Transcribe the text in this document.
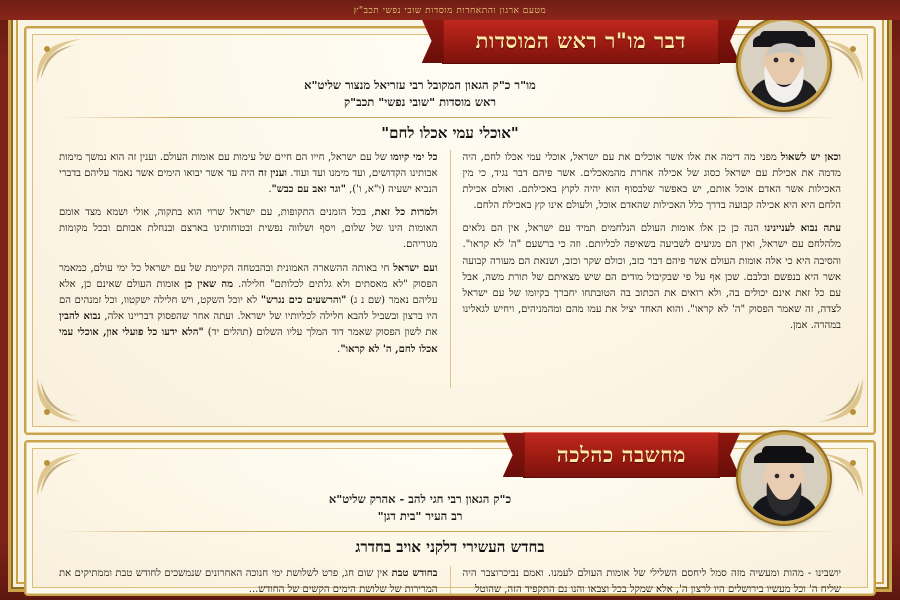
מטעם ארגון והתאחדות מוסדות שובי נפשי תכב"ץ
מו"ר כ"ק הגאון המקובל רבי עזריאל מנצור שליט"א
ראש מוסדות "שובי נפשי" תכב"ק
"אוכלי עמי אכלו לחם"

וכאן יש לשאול מפני מה דימה את אלו אשר אוכלים את עם ישראל, אוכלי עמי אכלו לחם, היה מדמה את אכילת עם ישראל כסוג של אכילה אחרת מהמאכלים. אשר פיהם דבר נגיד, כי מין האכילות אשר האדם אוכל אותם, יש באפשר שלבסוף הוא יהיה לקוץ באכילתם. ואולם אכילת הלחם היא היא אכילה קבועה בדרך כלל האכילות שהאדם אוכל, ולעולם אינו קץ באכילת הלחם.

עתה נבוא לעניינינו הנה כן כן אלו אומות העולם הנלחמים תמיד עם ישראל, אין הם נלאים מלהלחם עם ישראל, ואין הם מגיעים לשביעה בשאיפה לכליותם. וזה כי ברשעם "ה' לא קראו". והסיבה היא כי אלה אומות העולם אשר פיהם דבר כזב, וכולם שקר וכזב, ושנאת הם מעורה קבועה אשר היא בנפשם ובלבם. שכן אף על פי שבקיבול מודים הם שיש מצאיתם של תורת משה, אבל עם כל זאת אינם יכולים בה, ולא רואים את הכתוב בה הטובתחו יחברך בקיומו של עם ישראל לצדה, זה שאמר הפסוק "ה' לא קראו". והוא האחד יציל את עמו מהם ומהמניהים, ויחיש לגאלינו במהרה. אמן.

כל ימי קיומו של עם ישראל, חייו הם חיים של עימות עם אומות העולם. וענין זה הוא נמשך מימות אבותינו הקדושים, ועד מימנו ועד ועוד. וענין זה היה עד אשר יבואו הימים אשר נאמר עליהם בדברי הנביא ישעיה (י"א, ו'), "וגר זאב עם כבש".

ולמרות כל זאת, בכל הזמנים התקופות, עם ישראל שרוי הוא בתקוה, אולי ושמא מצד אומם האומות הינו של שלום, ויסף ושלווה נפשית ובטוחותינו בארצם ובנחלת אבותם ובכל מקומות מגוריהם.

ועם ישראל חי באותה ההשארה האמונית ובהבטחה הקיימת של עם ישראל כל ימי עולם, כמאמר הפסוק "לא מאסתים ולא גלתים לכלותם" חלילה. מה שאין כן אומות העולם שאינם כן, אלא עליהם נאמר (שם נ ג) "והרשעים כים נגרש" לא יוכל השקט, ויש חלילה ישקטוו, וכל זמנהים הם היו ברצון ובשביל להבא חלילה לכליותיו של ישראל. ועתה אחר שהפסוק דבריינו אלה, נבוא להבין את לשון הפסוק שאמר דוד המלך עליו השלום (תהלים יד) "הלא ידעו כל פועלי און, אוכלי עמי אכלו לחם, ה' לא קראו".

דבר מו"ר ראש המוסדות
כ"ק הגאון רבי חגי להב - אהרק שליט"א
רב העיר "בית דגן"
בחדש העשירי דלקני אויב בחדרג

יושבינו - מהות ומעשיה מזה סמל ליחסם השלילי של אומות העולם לעמנו. ואמם נביכרוצבר היה שליח ה' וכל מעשיו בירושלים היו לרצון ה', אלא שמקל בכל וצבאו והנו נם התקפיד הזה, שהוטל

בחודש טבת אין שום חג, פרט לשלושת ימי חנוכה האחרונים שנמשכים לחודש טבת וממתיקים את המרירות של שלושת הימים הקשים של החודש...

מחשבה כהלכה
